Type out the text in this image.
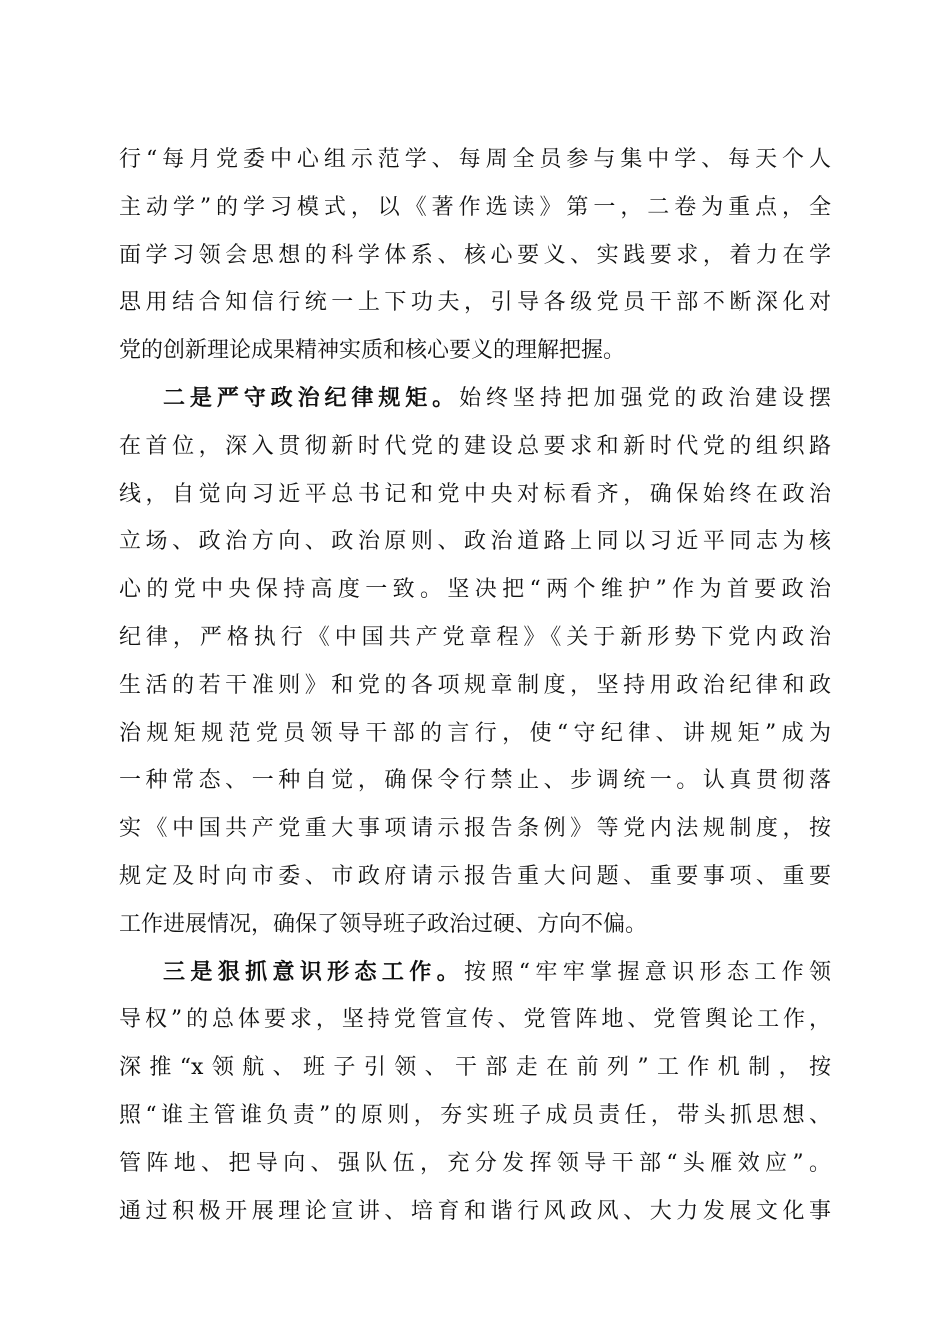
行“每月党委中心组示范学、每周全员参与集中学、每天个人
主动学”的学习模式，以《著作选读》第一，二卷为重点，全
面学习领会思想的科学体系、核心要义、实践要求，着力在学
思用结合知信行统一上下功夫，引导各级党员干部不断深化对
党的创新理论成果精神实质和核心要义的理解把握。
二是严守政治纪律规矩。始终坚持把加强党的政治建设摆
在首位，深入贯彻新时代党的建设总要求和新时代党的组织路
线，自觉向习近平总书记和党中央对标看齐，确保始终在政治
立场、政治方向、政治原则、政治道路上同以习近平同志为核
心的党中央保持高度一致。坚决把“两个维护”作为首要政治
纪律，严格执行《中国共产党章程》《关于新形势下党内政治
生活的若干准则》和党的各项规章制度，坚持用政治纪律和政
治规矩规范党员领导干部的言行，使“守纪律、讲规矩”成为
一种常态、一种自觉，确保令行禁止、步调统一。认真贯彻落
实《中国共产党重大事项请示报告条例》等党内法规制度，按
规定及时向市委、市政府请示报告重大问题、重要事项、重要
工作进展情况，确保了领导班子政治过硬、方向不偏。
三是狠抓意识形态工作。按照“牢牢掌握意识形态工作领
导权”的总体要求，坚持党管宣传、党管阵地、党管舆论工作，
深推“x领航、班子引领、干部走在前列”工作机制，按
照“谁主管谁负责”的原则，夯实班子成员责任，带头抓思想、
管阵地、把导向、强队伍，充分发挥领导干部“头雁效应”。
通过积极开展理论宣讲、培育和谐行风政风、大力发展文化事
